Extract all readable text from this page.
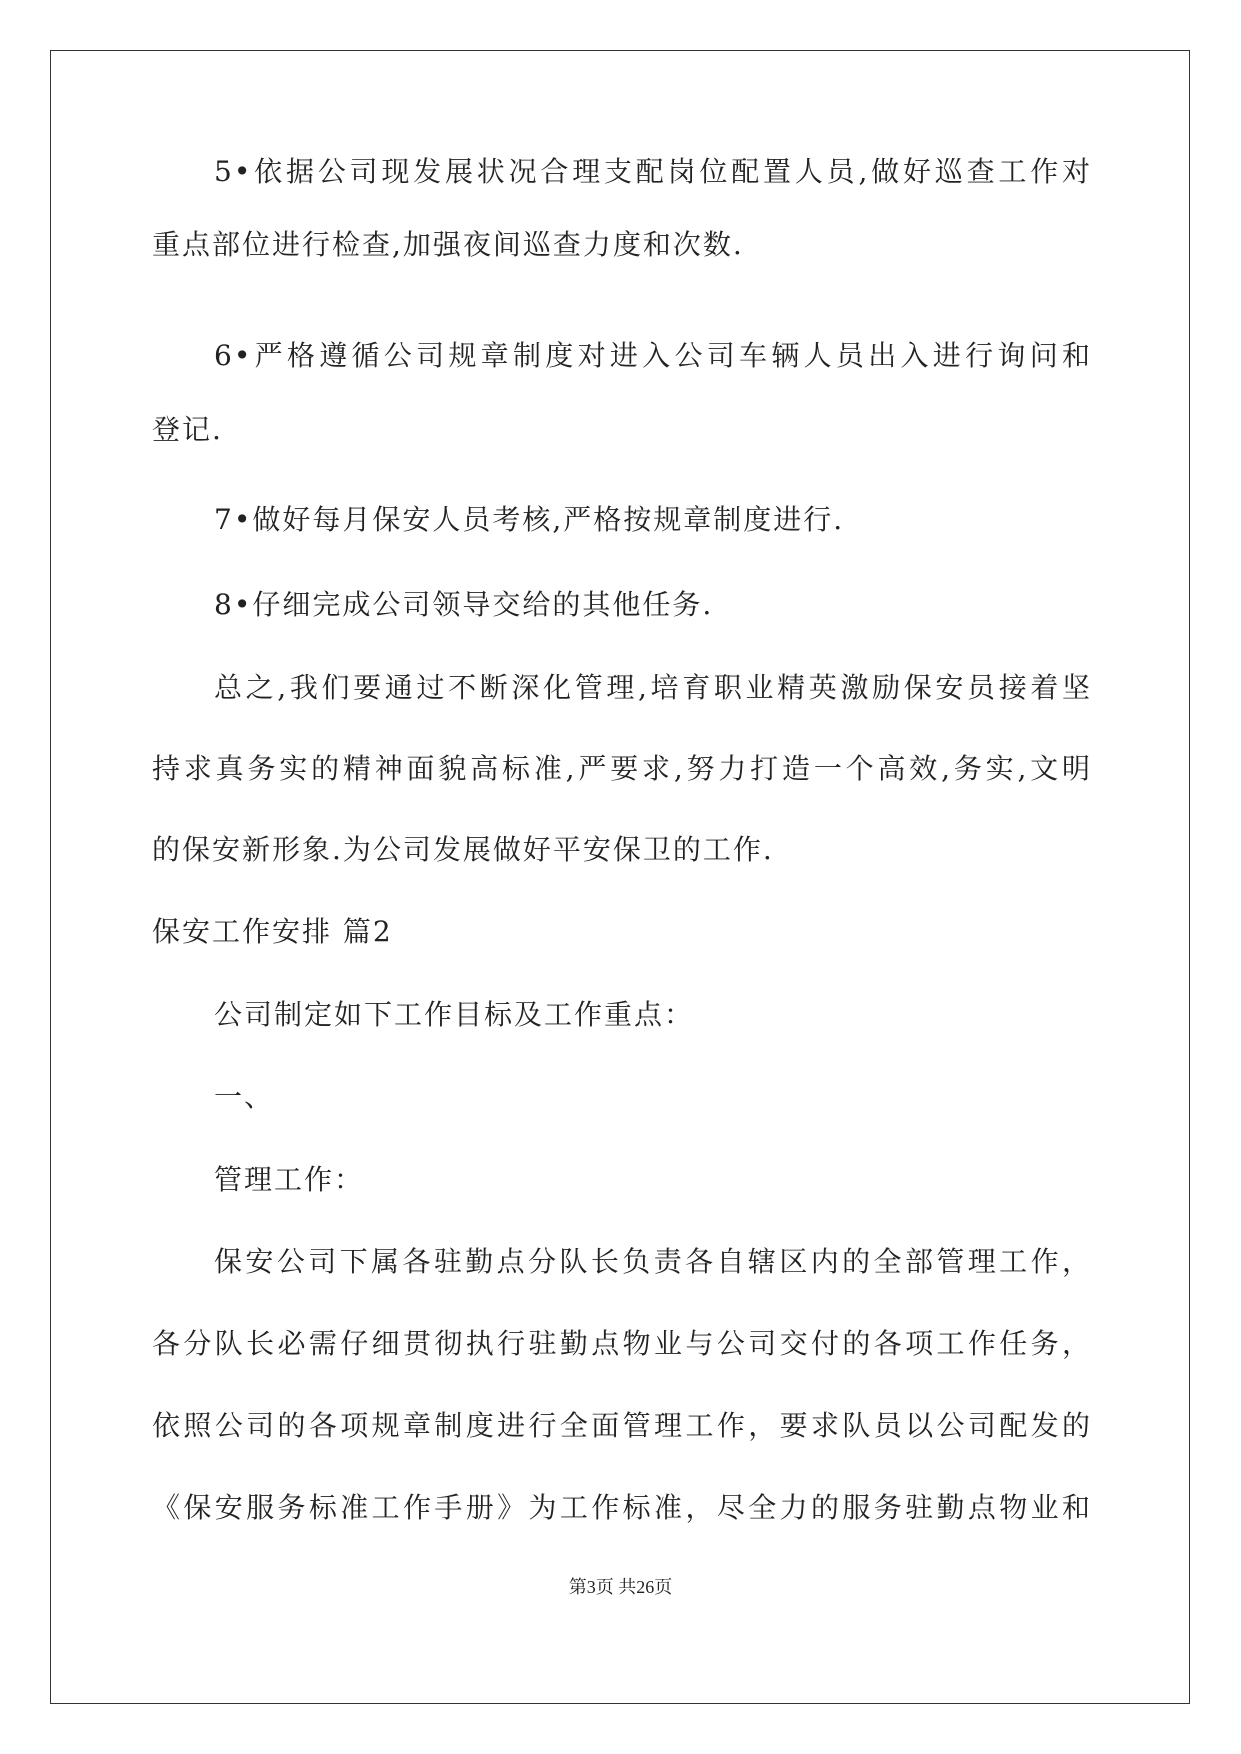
5•依据公司现发展状况合理支配岗位配置人员,做好巡查工作对
重点部位进行检查,加强夜间巡查力度和次数.
6•严格遵循公司规章制度对进入公司车辆人员出入进行询问和
登记.
7•做好每月保安人员考核,严格按规章制度进行.
8•仔细完成公司领导交给的其他任务.
总之,我们要通过不断深化管理,培育职业精英激励保安员接着坚
持求真务实的精神面貌高标准,严要求,努力打造一个高效,务实,文明
的保安新形象.为公司发展做好平安保卫的工作.
保安工作安排 篇2
公司制定如下工作目标及工作重点：
一、
管理工作：
保安公司下属各驻勤点分队长负责各自辖区内的全部管理工作，
各分队长必需仔细贯彻执行驻勤点物业与公司交付的各项工作任务，
依照公司的各项规章制度进行全面管理工作，要求队员以公司配发的
《保安服务标准工作手册》为工作标准，尽全力的服务驻勤点物业和
第3页 共26页
